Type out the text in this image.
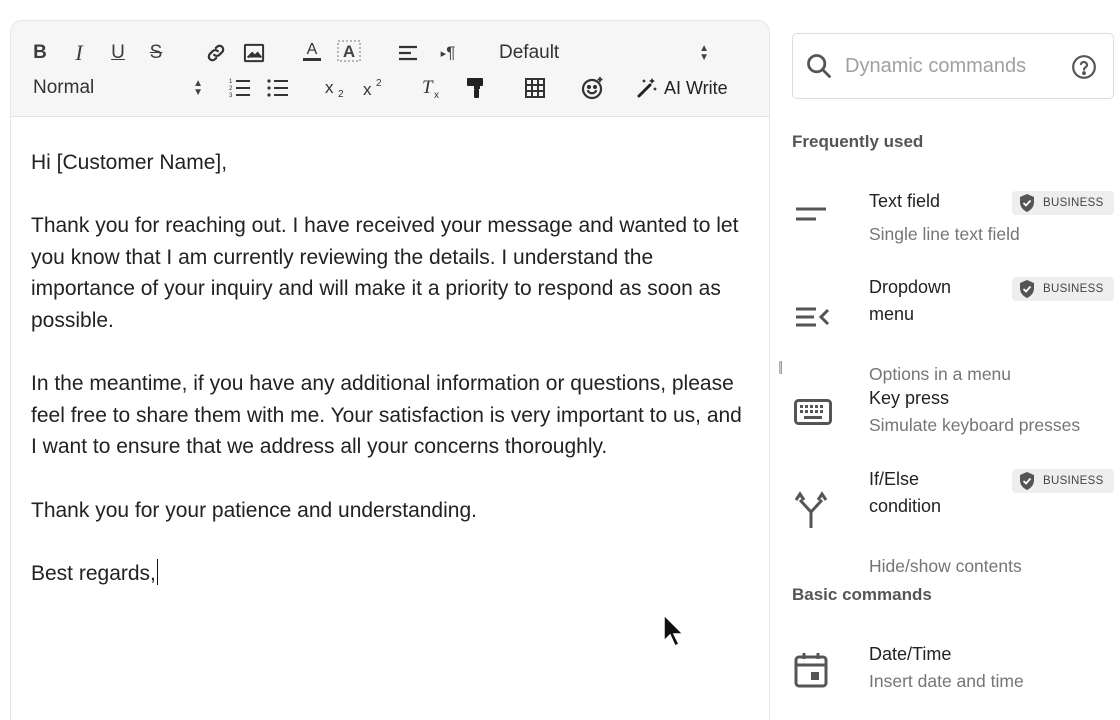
B I	U S	A A	▸ ¶ Default	▲
▼
Normal	▲
▼
1
2
3	x 2 x 2 T x	AI Write

Hi [Customer Name],

Thank you for reaching out. I have received your message and wanted to let you know that I am currently reviewing the details. I understand the importance of your inquiry and will make it a priority to respond as soon as possible.

In the meantime, if you have any additional information or questions, please feel free to share them with me. Your satisfaction is very important to us, and I want to ensure that we address all your concerns thoroughly.

Thank you for your patience and understanding.

Best regards,

||
Dynamic commands
Frequently used
Text field
Single line text field
BUSINESS
Dropdown
menu
Options in a menu
BUSINESS
Key press
Simulate keyboard presses
If/Else
condition
Hide/show contents
BUSINESS
Basic commands
Date/Time
Insert date and time
